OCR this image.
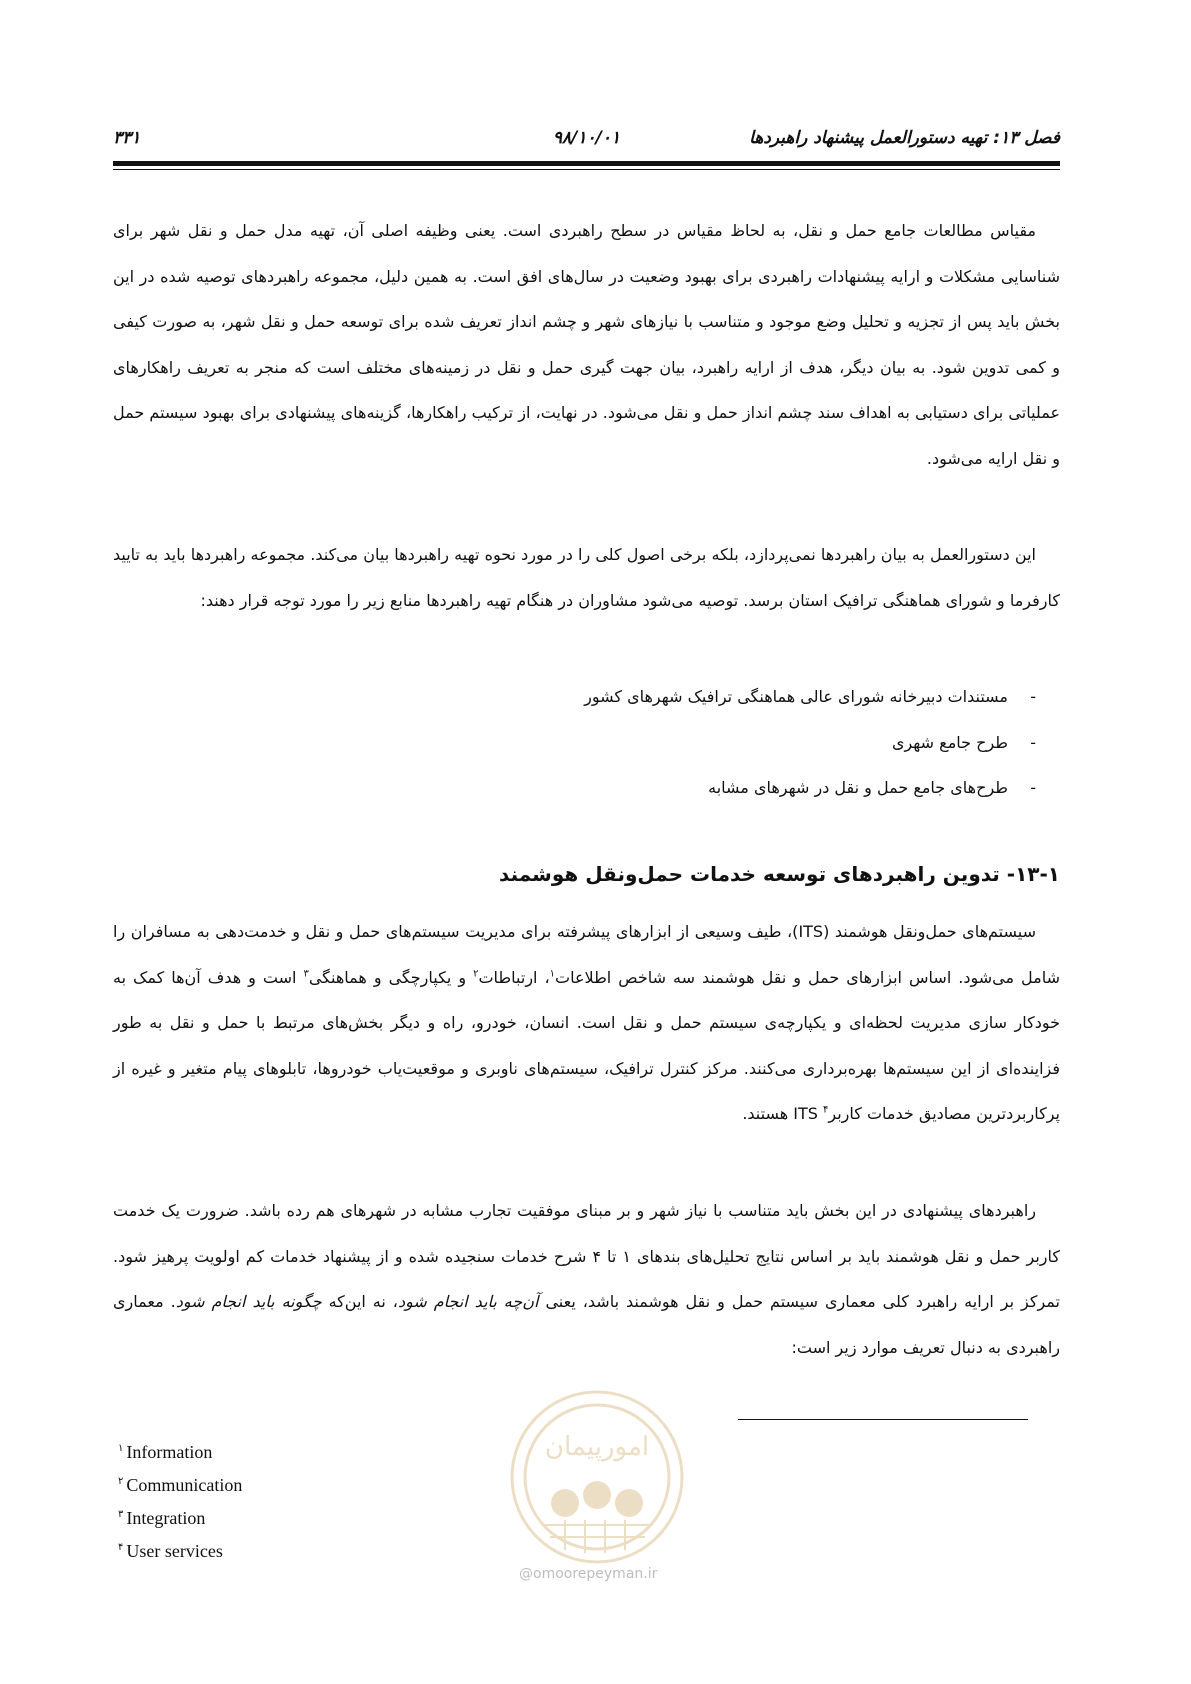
فصل ۱۳: تهیه دستورالعمل پیشنهاد راهبردها
۹۸/۱۰/۰۱
۳۳۱

مقیاس مطالعات جامع حمل و نقل، به لحاظ مقیاس در سطح راهبردی است. یعنی وظیفه اصلی آن، تهیه مدل حمل و نقل شهر برای شناسایی مشکلات و ارایه پیشنهادات راهبردی برای بهبود وضعیت در سال‌های افق است. به همین دلیل، مجموعه راهبردهای توصیه شده در این بخش باید پس از تجزیه و تحلیل وضع موجود و متناسب با نیازهای شهر و چشم انداز تعریف شده برای توسعه حمل و نقل شهر، به صورت کیفی و کمی تدوین شود. به بیان دیگر، هدف از ارایه راهبرد، بیان جهت گیری حمل و نقل در زمینه‌های مختلف است که منجر به تعریف راهکارهای عملیاتی برای دستیابی به اهداف سند چشم انداز حمل و نقل می‌شود. در نهایت، از ترکیب راهکارها، گزینه‌های پیشنهادی برای بهبود سیستم حمل و نقل ارایه می‌شود.

این دستورالعمل به بیان راهبردها نمی‌پردازد، بلکه برخی اصول کلی را در مورد نحوه تهیه راهبردها بیان می‌کند. مجموعه راهبردها باید به تایید کارفرما و شورای هماهنگی ترافیک استان برسد. توصیه می‌شود مشاوران در هنگام تهیه راهبردها منابع زیر را مورد توجه قرار دهند:

-مستندات دبیرخانه شورای عالی هماهنگی ترافیک شهرهای کشور
-طرح جامع شهری
-طرح‌های جامع حمل و نقل در شهرهای مشابه
۱۳-۱- تدوین راهبردهای توسعه خدمات حمل‌ونقل هوشمند

سیستم‌های حمل‌ونقل هوشمند (ITS)، طیف وسیعی از ابزارهای پیشرفته برای مدیریت سیستم‌های حمل و نقل و خدمت‌دهی به مسافران را شامل می‌شود. اساس ابزارهای حمل و نقل هوشمند سه شاخص اطلاعات$^۱$، ارتباطات$^۲$ و یکپارچگی و هماهنگی$^۳$ است و هدف آن‌ها کمک به خودکار سازی مدیریت لحظه‌ای و یکپارچه‌ی سیستم حمل و نقل است. انسان، خودرو، راه و دیگر بخش‌های مرتبط با حمل و نقل به طور فزاینده‌ای از این سیستم‌ها بهره‌برداری می‌کنند. مرکز کنترل ترافیک، سیستم‌های ناوبری و موقعیت‌یاب خودروها، تابلوهای پیام متغیر و غیره از پرکاربردترین مصادیق خدمات کاربر$^۴$ ITS هستند.

راهبردهای پیشنهادی در این بخش باید متناسب با نیاز شهر و بر مبنای موفقیت تجارب مشابه در شهرهای هم رده باشد. ضرورت یک خدمت کاربر حمل و نقل هوشمند باید بر اساس نتایج تحلیل‌های بندهای ۱ تا ۴ شرح خدمات سنجیده شده و از پیشنهاد خدمات کم اولویت پرهیز شود. تمرکز بر ارایه راهبرد کلی معماری سیستم حمل و نقل هوشمند باشد، یعنی آن‌چه باید انجام شود، نه این‌که چگونه باید انجام شود. معماری راهبردی به دنبال تعریف موارد زیر است:

$^۱$ Information
$^۲$ Communication
$^۳$ Integration
$^۴$ User services
امورپیمان
@omoorepeyman.ir
